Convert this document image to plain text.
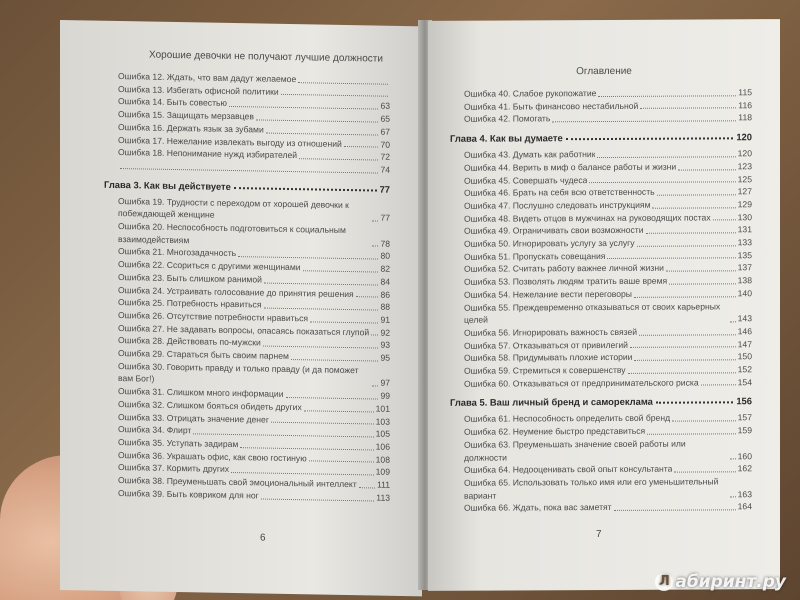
Хорошие девочки не получают лучшие должности
Ошибка 12. Ждать, что вам дадут желаемое
Ошибка 13. Избегать офисной политики
Ошибка 14. Быть совестью	63
Ошибка 15. Защищать мерзавцев	65
Ошибка 16. Держать язык за зубами	67
Ошибка 17. Нежелание извлекать выгоду из отношений	70
Ошибка 18. Непонимание нужд избирателей	72
74
Глава 3. Как вы действуете	77
Ошибка 19. Трудности с переходом от хорошей девочки к побеждающей женщине	77
Ошибка 20. Неспособность подготовиться к социальным взаимодействиям	78
Ошибка 21. Многозадачность	80
Ошибка 22. Ссориться с другими женщинами	82
Ошибка 23. Быть слишком ранимой	84
Ошибка 24. Устраивать голосование до принятия решения	86
Ошибка 25. Потребность нравиться	88
Ошибка 26. Отсутствие потребности нравиться	91
Ошибка 27. Не задавать вопросы, опасаясь показаться глупой 92
Ошибка 28. Действовать по-мужски	93
Ошибка 29. Стараться быть своим парнем	95
Ошибка 30. Говорить правду и только правду (и да поможет вам Бог!)	97
Ошибка 31. Слишком много информации	99
Ошибка 32. Слишком бояться обидеть других	101
Ошибка 33. Отрицать значение денег	103
Ошибка 34. Флирт	105
Ошибка 35. Уступать задирам	106
Ошибка 36. Украшать офис, как свою гостиную	108
Ошибка 37. Кормить других	109
Ошибка 38. Преуменьшать свой эмоциональный интеллект 111
Ошибка 39. Быть ковриком для ног	113
6
Оглавление
Ошибка 40. Слабое рукопожатие	115
Ошибка 41. Быть финансово нестабильной	116
Ошибка 42. Помогать	118
Глава 4. Как вы думаете	120
Ошибка 43. Думать как работник	120
Ошибка 44. Верить в миф о балансе работы и жизни	123
Ошибка 45. Совершать чудеса	125
Ошибка 46. Брать на себя всю ответственность	127
Ошибка 47. Послушно следовать инструкциям	129
Ошибка 48. Видеть отцов в мужчинах на руководящих постах	130
Ошибка 49. Ограничивать свои возможности	131
Ошибка 50. Игнорировать услугу за услугу	133
Ошибка 51. Пропускать совещания	135
Ошибка 52. Считать работу важнее личной жизни	137
Ошибка 53. Позволять людям тратить ваше время	138
Ошибка 54. Нежелание вести переговоры	140
Ошибка 55. Преждевременно отказываться от своих карьерных целей	143
Ошибка 56. Игнорировать важность связей	146
Ошибка 57. Отказываться от привилегий	147
Ошибка 58. Придумывать плохие истории	150
Ошибка 59. Стремиться к совершенству	152
Ошибка 60. Отказываться от предпринимательского риска	154
Глава 5. Ваш личный бренд и самореклама	156
Ошибка 61. Неспособность определить свой бренд	157
Ошибка 62. Неумение быстро представиться	159
Ошибка 63. Преуменьшать значение своей работы или должности	160
Ошибка 64. Недооценивать свой опыт консультанта	162
Ошибка 65. Использовать только имя или его уменьшительный вариант	163
Ошибка 66. Ждать, пока вас заметят	164
7
Л абиринт.ру
